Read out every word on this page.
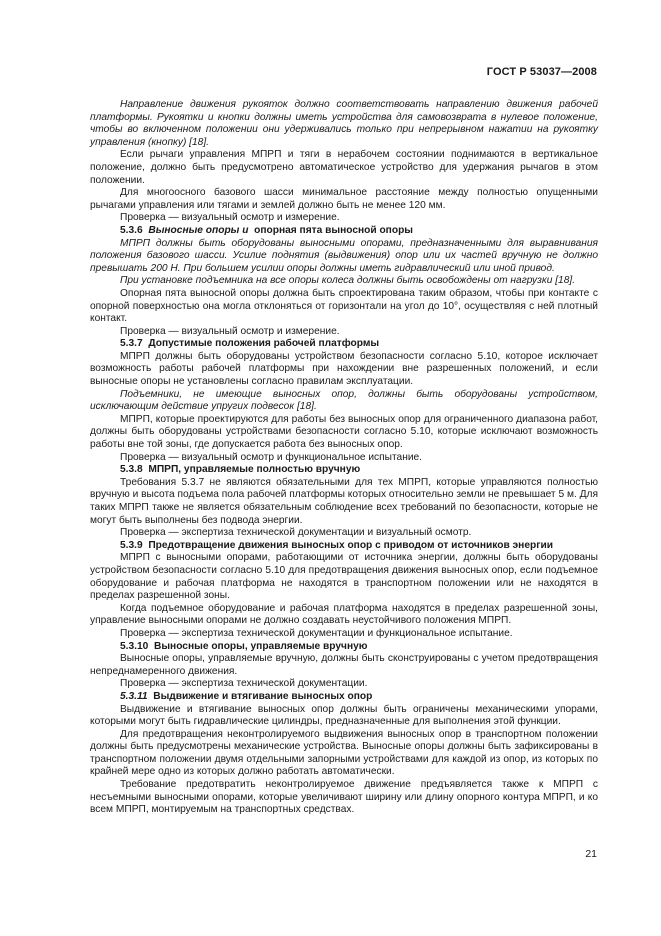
ГОСТ Р 53037—2008

Направление движения рукояток должно соответствовать направлению движения рабочей платформы. Рукоятки и кнопки должны иметь устройства для самовозврата в нулевое положение, чтобы во включенном положении они удерживались только при непрерывном нажатии на рукоятку управления (кнопку) [18].

Если рычаги управления МПРП и тяги в нерабочем состоянии поднимаются в вертикальное положение, должно быть предусмотрено автоматическое устройство для удержания рычагов в этом положении.

Для многоосного базового шасси минимальное расстояние между полностью опущенными рычагами управления или тягами и землей должно быть не менее 120 мм.

Проверка — визуальный осмотр и измерение.

5.3.6 Выносные опоры и опорная пята выносной опоры

МПРП должны быть оборудованы выносными опорами, предназначенными для выравнивания положения базового шасси. Усилие поднятия (выдвижения) опор или их частей вручную не должно превышать 200 Н. При большем усилии опоры должны иметь гидравлический или иной привод.

При установке подъемника на все опоры колеса должны быть освобождены от нагрузки [18].

Опорная пята выносной опоры должна быть спроектирована таким образом, чтобы при контакте с опорной поверхностью она могла отклоняться от горизонтали на угол до 10°, осуществляя с ней плотный контакт.

Проверка — визуальный осмотр и измерение.

5.3.7 Допустимые положения рабочей платформы

МПРП должны быть оборудованы устройством безопасности согласно 5.10, которое исключает возможность работы рабочей платформы при нахождении вне разрешенных положений, и если выносные опоры не установлены согласно правилам эксплуатации.

Подъемники, не имеющие выносных опор, должны быть оборудованы устройством, исключающим действие упругих подвесок [18].

МПРП, которые проектируются для работы без выносных опор для ограниченного диапазона работ, должны быть оборудованы устройствами безопасности согласно 5.10, которые исключают возможность работы вне той зоны, где допускается работа без выносных опор.

Проверка — визуальный осмотр и функциональное испытание.

5.3.8 МПРП, управляемые полностью вручную

Требования 5.3.7 не являются обязательными для тех МПРП, которые управляются полностью вручную и высота подъема пола рабочей платформы которых относительно земли не превышает 5 м. Для таких МПРП также не является обязательным соблюдение всех требований по безопасности, которые не могут быть выполнены без подвода энергии.

Проверка — экспертиза технической документации и визуальный осмотр.

5.3.9 Предотвращение движения выносных опор с приводом от источников энергии

МПРП с выносными опорами, работающими от источника энергии, должны быть оборудованы устройством безопасности согласно 5.10 для предотвращения движения выносных опор, если подъемное оборудование и рабочая платформа не находятся в транспортном положении или не находятся в пределах разрешенной зоны.

Когда подъемное оборудование и рабочая платформа находятся в пределах разрешенной зоны, управление выносными опорами не должно создавать неустойчивого положения МПРП.

Проверка — экспертиза технической документации и функциональное испытание.

5.3.10 Выносные опоры, управляемые вручную

Выносные опоры, управляемые вручную, должны быть сконструированы с учетом предотвращения непреднамеренного движения.

Проверка — экспертиза технической документации.

5.3.11 Выдвижение и втягивание выносных опор

Выдвижение и втягивание выносных опор должны быть ограничены механическими упорами, которыми могут быть гидравлические цилиндры, предназначенные для выполнения этой функции.

Для предотвращения неконтролируемого выдвижения выносных опор в транспортном положении должны быть предусмотрены механические устройства. Выносные опоры должны быть зафиксированы в транспортном положении двумя отдельными запорными устройствами для каждой из опор, из которых по крайней мере одно из которых должно работать автоматически.

Требование предотвратить неконтролируемое движение предъявляется также к МПРП с несъемными выносными опорами, которые увеличивают ширину или длину опорного контура МПРП, и ко всем МПРП, монтируемым на транспортных средствах.

21
